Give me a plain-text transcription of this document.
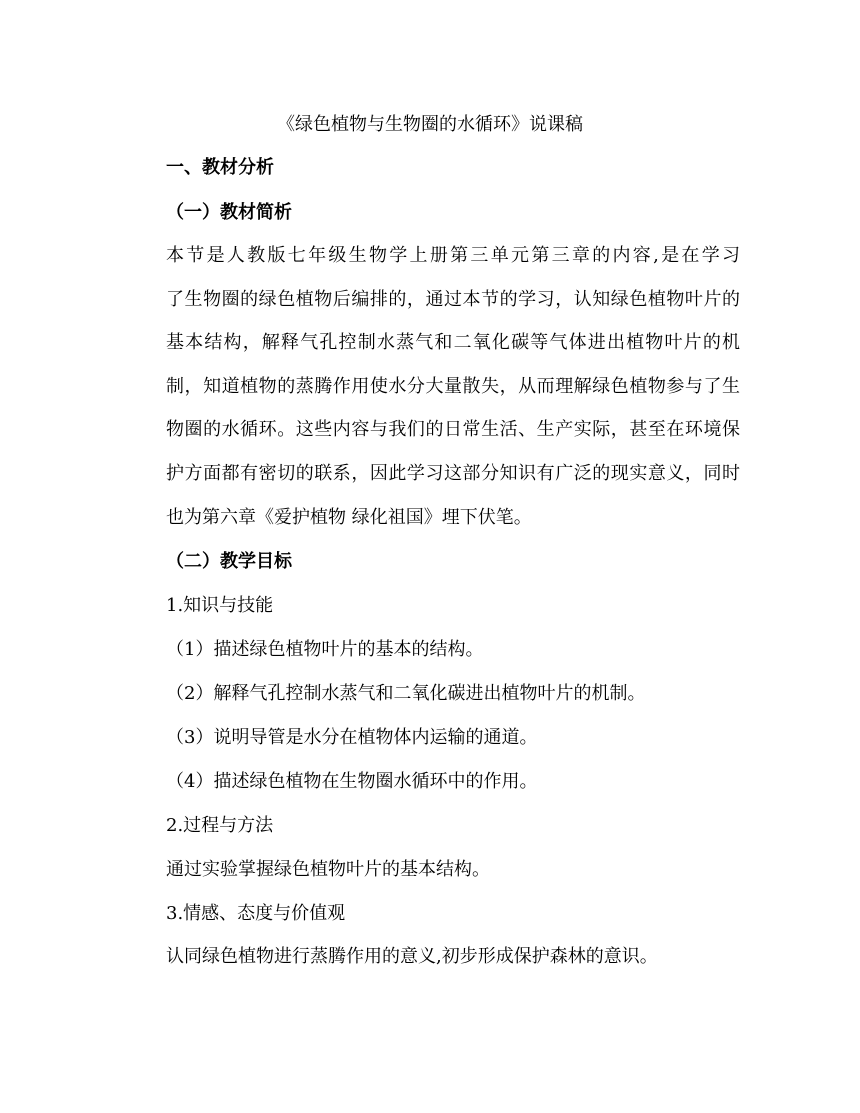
《绿色植物与生物圈的水循环》说课稿
一、教材分析
（一）教材简析
本节是人教版七年级生物学上册第三单元第三章的内容,是在学习
了生物圈的绿色植物后编排的，通过本节的学习，认知绿色植物叶片的
基本结构，解释气孔控制水蒸气和二氧化碳等气体进出植物叶片的机
制，知道植物的蒸腾作用使水分大量散失，从而理解绿色植物参与了生
物圈的水循环。这些内容与我们的日常生活、生产实际，甚至在环境保
护方面都有密切的联系，因此学习这部分知识有广泛的现实意义，同时
也为第六章《爱护植物 绿化祖国》埋下伏笔。
（二）教学目标
1.知识与技能
（1）描述绿色植物叶片的基本的结构。
（2）解释气孔控制水蒸气和二氧化碳进出植物叶片的机制。
（3）说明导管是水分在植物体内运输的通道。
（4）描述绿色植物在生物圈水循环中的作用。
2.过程与方法
通过实验掌握绿色植物叶片的基本结构。
3.情感、态度与价值观
认同绿色植物进行蒸腾作用的意义,初步形成保护森林的意识。
